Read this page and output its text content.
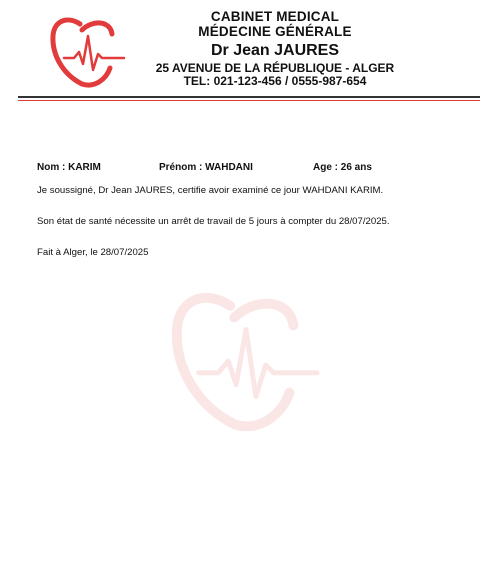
CABINET MEDICAL
MÉDECINE GÉNÉRALE
Dr Jean JAURES
25 AVENUE DE LA RÉPUBLIQUE - ALGER
TEL: 021-123-456 / 0555-987-654
Nom : KARIM	Prénom : WAHDANI	Age : 26 ans
Je soussigné, Dr Jean JAURES, certifie avoir examiné ce jour WAHDANI KARIM.
Son état de santé nécessite un arrêt de travail de 5 jours à compter du 28/07/2025.
Fait à Alger, le 28/07/2025
